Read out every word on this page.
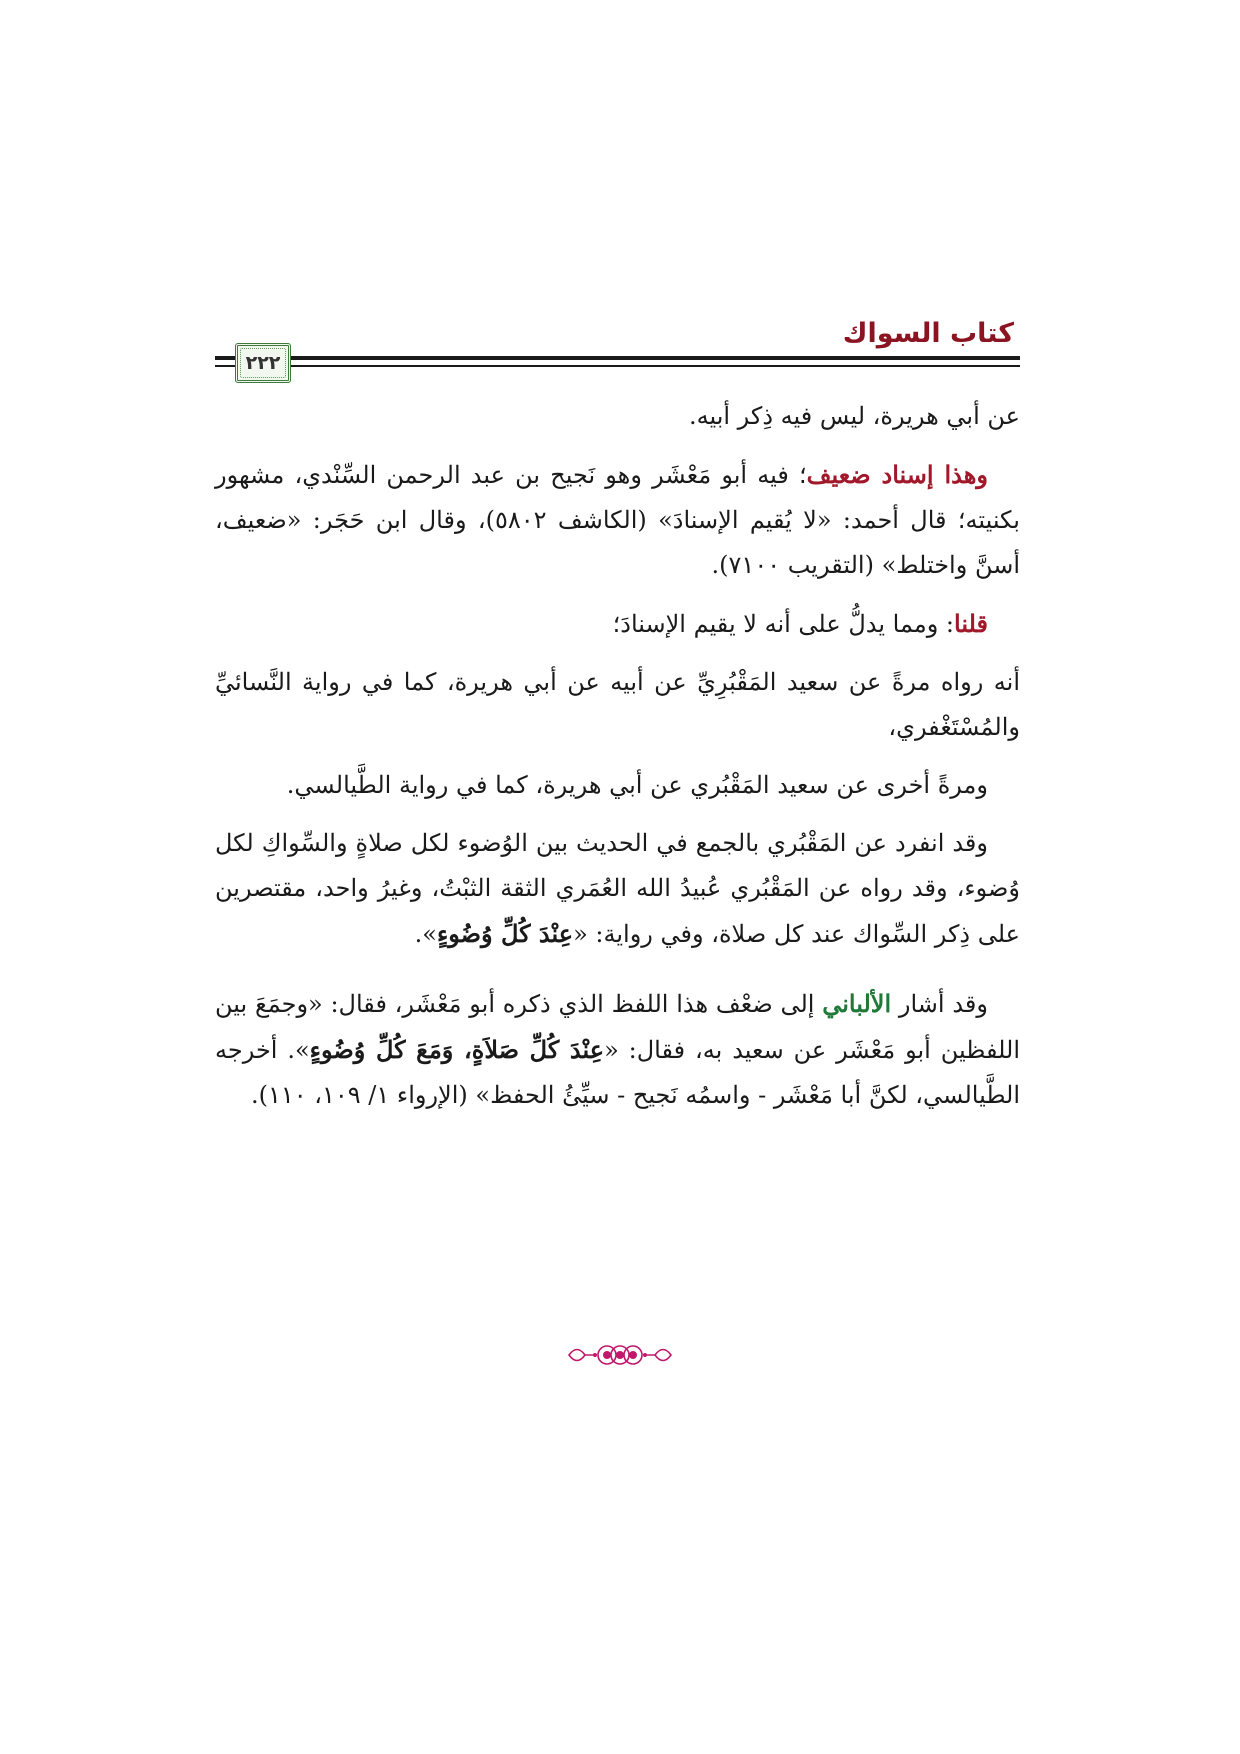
كتاب السواك
٢٢٢

عن أبي هريرة، ليس فيه ذِكر أبيه.

وهذا إسناد ضعيف؛ فيه أبو مَعْشَر وهو نَجيح بن عبد الرحمن السِّنْدي، مشهور بكنيته؛ قال أحمد: «لا يُقيم الإسنادَ» (الكاشف ٥٨٠٢)، وقال ابن حَجَر: «ضعيف، أسنَّ واختلط» (التقريب ٧١٠٠).

قلنا: ومما يدلُّ على أنه لا يقيم الإسنادَ؛

أنه رواه مرةً عن سعيد المَقْبُرِيِّ عن أبيه عن أبي هريرة، كما في رواية النَّسائيِّ والمُسْتَغْفري،

ومرةً أخرى عن سعيد المَقْبُري عن أبي هريرة، كما في رواية الطَّيالسي.

وقد انفرد عن المَقْبُري بالجمع في الحديث بين الوُضوء لكل صلاةٍ والسِّواكِ لكل وُضوء، وقد رواه عن المَقْبُري عُبيدُ الله العُمَري الثقة الثبْتُ، وغيرُ واحد، مقتصرين على ذِكر السِّواك عند كل صلاة، وفي رواية: «عِنْدَ كُلِّ وُضُوءٍ».

وقد أشار الألباني إلى ضعْف هذا اللفظ الذي ذكره أبو مَعْشَر، فقال: «وجمَعَ بين اللفظين أبو مَعْشَر عن سعيد به، فقال: «عِنْدَ كُلِّ صَلاَةٍ، وَمَعَ كُلِّ وُضُوءٍ». أخرجه الطَّيالسي، لكنَّ أبا مَعْشَر - واسمُه نَجيح - سيِّئُ الحفظ» (الإرواء ١/ ١٠٩، ١١٠).
